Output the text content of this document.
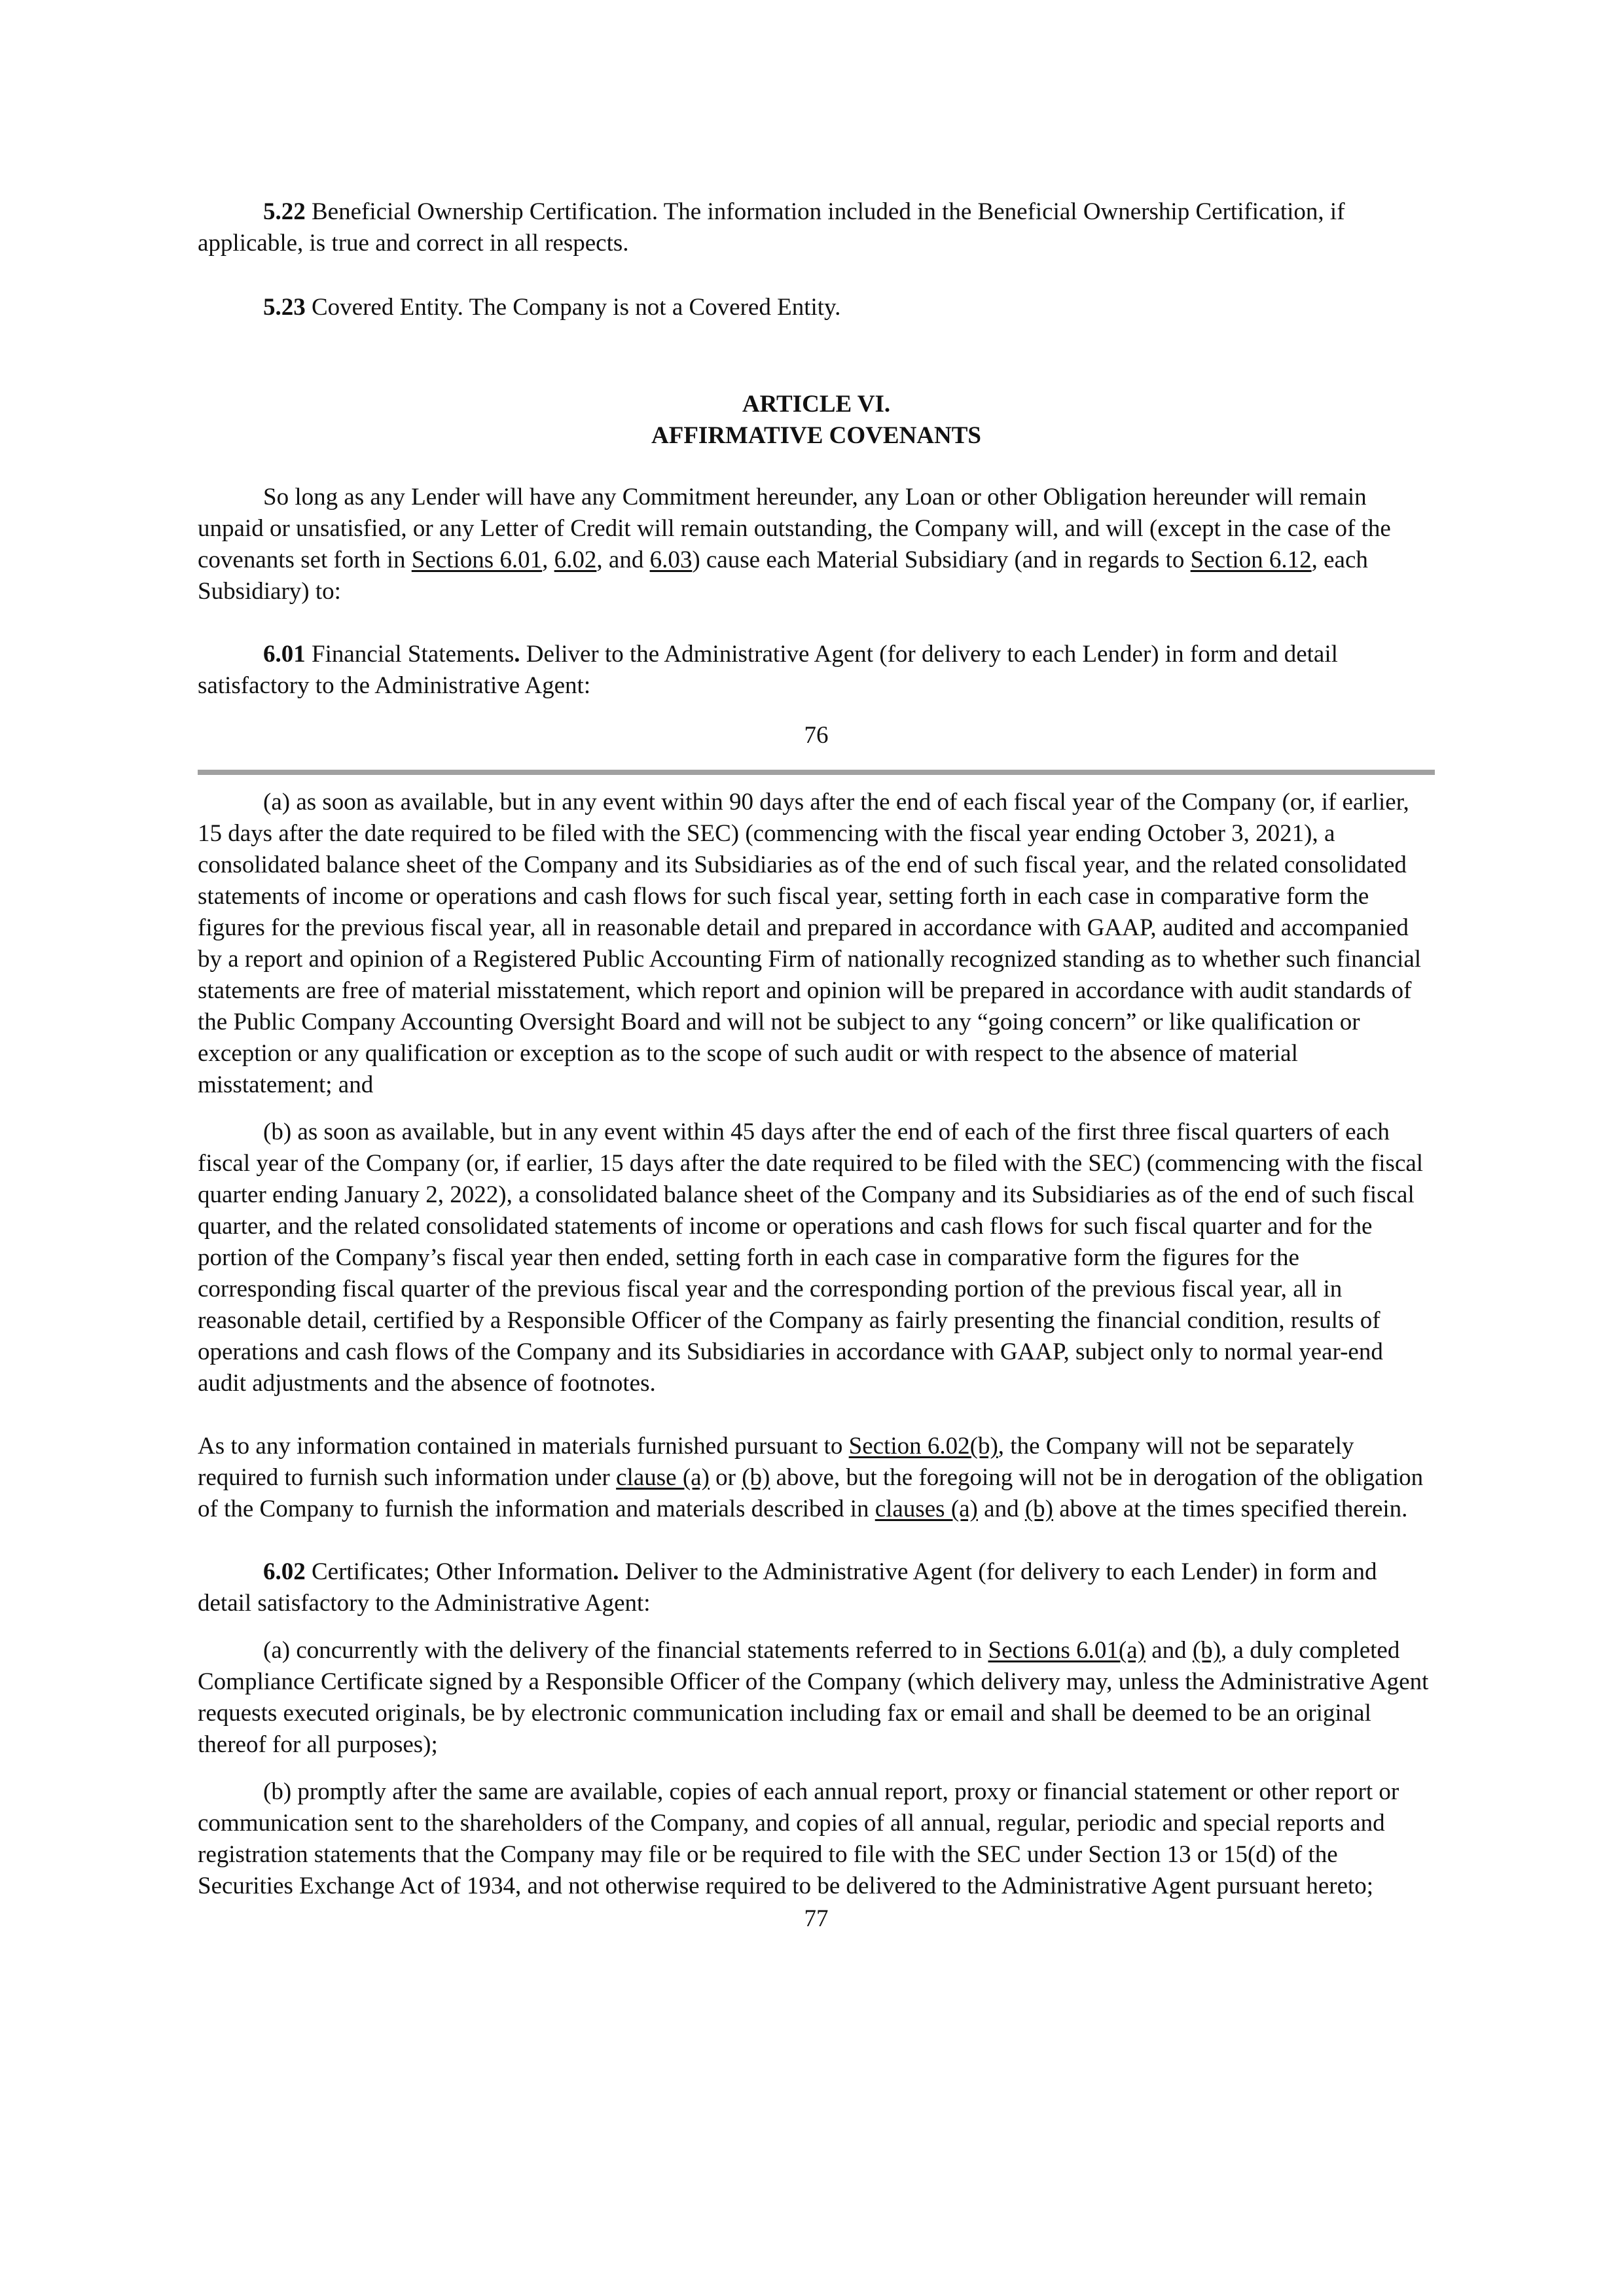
5.22 Beneficial Ownership Certification. The information included in the Beneficial Ownership Certification, if applicable, is true and correct in all respects.

5.23 Covered Entity. The Company is not a Covered Entity.

ARTICLE VI.

AFFIRMATIVE COVENANTS

So long as any Lender will have any Commitment hereunder, any Loan or other Obligation hereunder will remain unpaid or unsatisfied, or any Letter of Credit will remain outstanding, the Company will, and will (except in the case of the covenants set forth in Sections 6.01, 6.02, and 6.03) cause each Material Subsidiary (and in regards to Section 6.12, each Subsidiary) to:

6.01 Financial Statements. Deliver to the Administrative Agent (for delivery to each Lender) in form and detail satisfactory to the Administrative Agent:

76

(a) as soon as available, but in any event within 90 days after the end of each fiscal year of the Company (or, if earlier, 15 days after the date required to be filed with the SEC) (commencing with the fiscal year ending October 3, 2021), a consolidated balance sheet of the Company and its Subsidiaries as of the end of such fiscal year, and the related consolidated statements of income or operations and cash flows for such fiscal year, setting forth in each case in comparative form the figures for the previous fiscal year, all in reasonable detail and prepared in accordance with GAAP, audited and accompanied by a report and opinion of a Registered Public Accounting Firm of nationally recognized standing as to whether such financial statements are free of material misstatement, which report and opinion will be prepared in accordance with audit standards of the Public Company Accounting Oversight Board and will not be subject to any “going concern” or like qualification or exception or any qualification or exception as to the scope of such audit or with respect to the absence of material misstatement; and

(b) as soon as available, but in any event within 45 days after the end of each of the first three fiscal quarters of each fiscal year of the Company (or, if earlier, 15 days after the date required to be filed with the SEC) (commencing with the fiscal quarter ending January 2, 2022), a consolidated balance sheet of the Company and its Subsidiaries as of the end of such fiscal quarter, and the related consolidated statements of income or operations and cash flows for such fiscal quarter and for the portion of the Company’s fiscal year then ended, setting forth in each case in comparative form the figures for the corresponding fiscal quarter of the previous fiscal year and the corresponding portion of the previous fiscal year, all in reasonable detail, certified by a Responsible Officer of the Company as fairly presenting the financial condition, results of operations and cash flows of the Company and its Subsidiaries in accordance with GAAP, subject only to normal year-end audit adjustments and the absence of footnotes.

As to any information contained in materials furnished pursuant to Section 6.02(b), the Company will not be separately required to furnish such information under clause (a) or (b) above, but the foregoing will not be in derogation of the obligation of the Company to furnish the information and materials described in clauses (a) and (b) above at the times specified therein.

6.02 Certificates; Other Information. Deliver to the Administrative Agent (for delivery to each Lender) in form and detail satisfactory to the Administrative Agent:

(a) concurrently with the delivery of the financial statements referred to in Sections 6.01(a) and (b), a duly completed Compliance Certificate signed by a Responsible Officer of the Company (which delivery may, unless the Administrative Agent requests executed originals, be by electronic communication including fax or email and shall be deemed to be an original thereof for all purposes);

(b) promptly after the same are available, copies of each annual report, proxy or financial statement or other report or communication sent to the shareholders of the Company, and copies of all annual, regular, periodic and special reports and registration statements that the Company may file or be required to file with the SEC under Section 13 or 15(d) of the Securities Exchange Act of 1934, and not otherwise required to be delivered to the Administrative Agent pursuant hereto;

77
